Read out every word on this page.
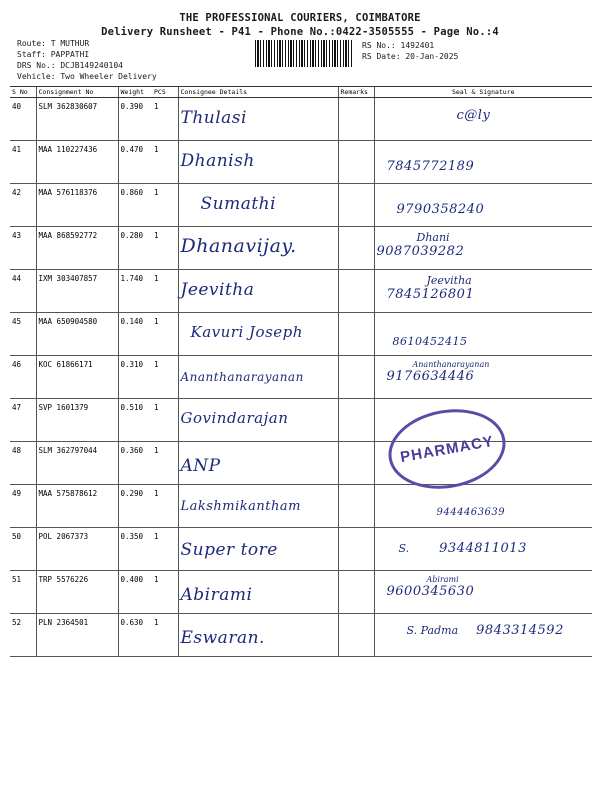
THE PROFESSIONAL COURIERS, COIMBATORE
Delivery Runsheet - P41 - Phone No.:0422-3505555 - Page No.:4
Route: T MUTHUR
Staff: PAPPATHI
DRS No.: DCJB149240104
Vehicle: Two Wheeler Delivery
RS No.: 1492401
RS Date: 20-Jan-2025
S No	Consignment No	Weight	PCS	Consignee Details	Remarks	Seal & Signature
40	SLM 362830607	0.390	1	Thulasi		c@ly

41	MAA 110227436	0.470	1	Dhanish		7845772189

42	MAA 576118376	0.860	1	Sumathi		9790358240

43	MAA 868592772	0.280	1	Dhanavijay.		Dhani
9087039282

44	IXM 303407857	1.740	1	Jeevitha		Jeevitha
7845126801

45	MAA 650904580	0.140	1	Kavuri Joseph		8610452415

46	KOC 61866171	0.310	1	Ananthanarayanan		Ananthanarayanan
9176634446

47	SVP 1601379	0.510	1	Govindarajan		

48	SLM 362797044	0.360	1	ANP		

49	MAA 575878612	0.290	1	Lakshmikantham		9444463639

50	POL 2067373	0.350	1	Super tore		S. 9344811013
51	TRP 5576226	0.400	1	Abirami		Abirami
9600345630

52	PLN 2364501	0.630	1	Eswaran.		S. Padma 9843314592
PHARMACY
